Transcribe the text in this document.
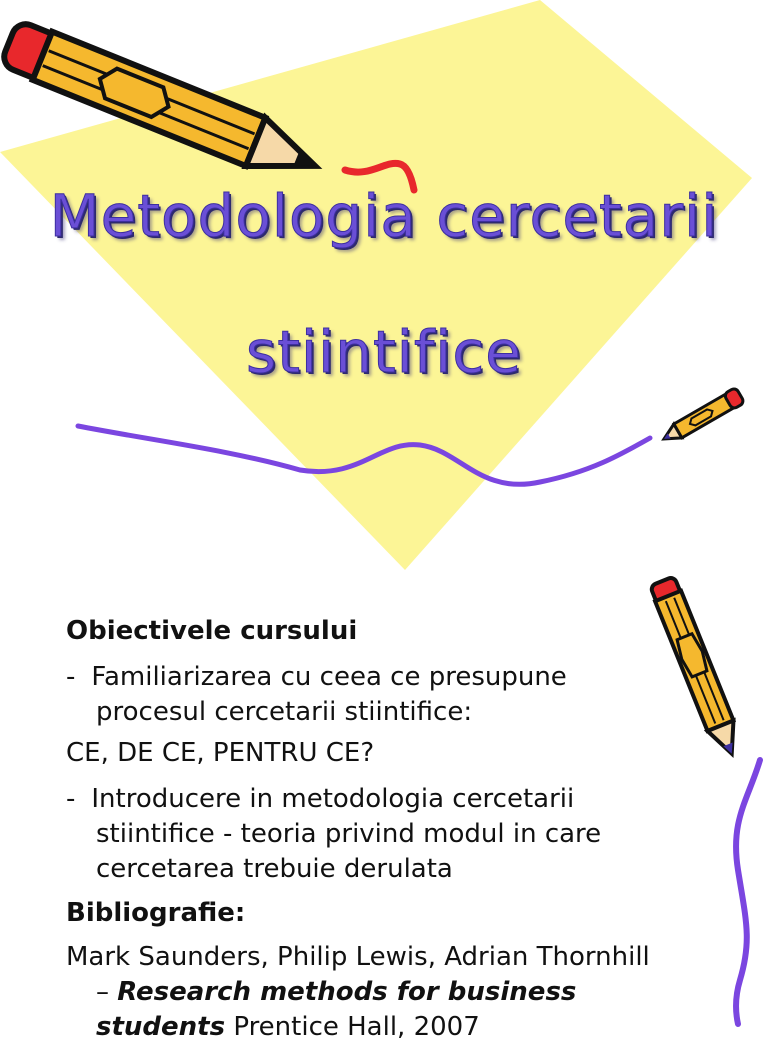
Metodologia cercetarii
stiintifice
Obiectivele cursului
- Familiarizarea cu ceea ce presupune procesul cercetarii stiintifice:
CE, DE CE, PENTRU CE?
- Introducere in metodologia cercetarii stiintifice - teoria privind modul in care cercetarea trebuie derulata
Bibliografie:
Mark Saunders, Philip Lewis, Adrian Thornhill – Research methods for business students Prentice Hall, 2007
